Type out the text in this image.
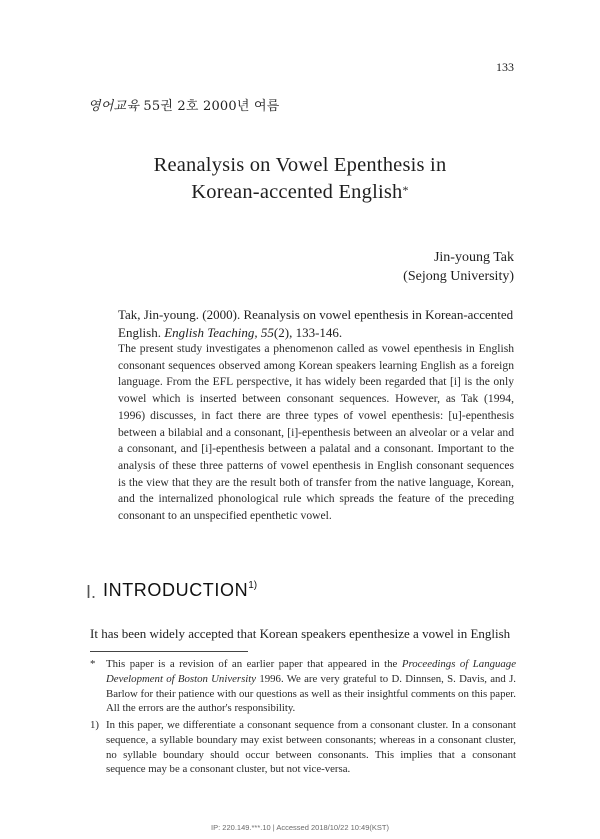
133
영어교육 55권 2호 2000년 여름
Reanalysis on Vowel Epenthesis in
Korean-accented English*
Jin-young Tak
(Sejong University)
Tak, Jin-young. (2000). Reanalysis on vowel epenthesis in Korean-accented English. English Teaching, 55(2), 133-146.
The present study investigates a phenomenon called as vowel epenthesis in English consonant sequences observed among Korean speakers learning English as a foreign language. From the EFL perspective, it has widely been regarded that [i] is the only vowel which is inserted between consonant sequences. However, as Tak (1994, 1996) discusses, in fact there are three types of vowel epenthesis: [u]-epenthesis between a bilabial and a consonant, [i]-epenthesis between an alveolar or a velar and a consonant, and [i]-epenthesis between a palatal and a consonant. Important to the analysis of these three patterns of vowel epenthesis in English consonant sequences is the view that they are the result both of transfer from the native language, Korean, and the internalized phonological rule which spreads the feature of the preceding consonant to an unspecified epenthetic vowel.
I. INTRODUCTION$^{1)}$
It has been widely accepted that Korean speakers epenthesize a vowel in English
* This paper is a revision of an earlier paper that appeared in the Proceedings of Language Development of Boston University 1996. We are very grateful to D. Dinnsen, S. Davis, and J. Barlow for their patience with our questions as well as their insightful comments on this paper. All the errors are the author's responsibility.
1) In this paper, we differentiate a consonant sequence from a consonant cluster. In a consonant sequence, a syllable boundary may exist between consonants; whereas in a consonant cluster, no syllable boundary should occur between consonants. This implies that a consonant sequence may be a consonant cluster, but not vice-versa.
IP: 220.149.***.10 | Accessed 2018/10/22 10:49(KST)
